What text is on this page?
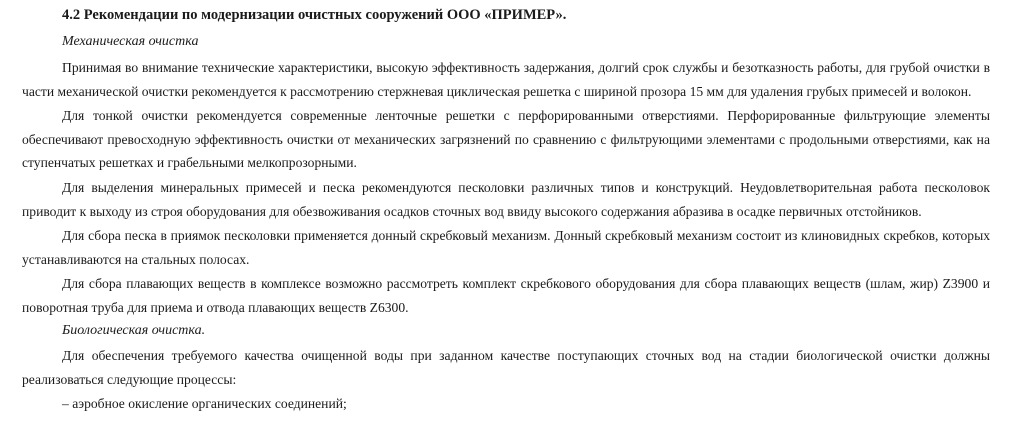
4.2 Рекомендации по модернизации очистных сооружений ООО «ПРИМЕР».
Механическая очистка

Принимая во внимание технические характеристики, высокую эффективность задержания, долгий срок службы и безотказность работы, для грубой очистки в части механической очистки рекомендуется к рассмотрению стержневая циклическая решетка с шириной прозора 15 мм для удаления грубых примесей и волокон.

Для тонкой очистки рекомендуется современные ленточные решетки с перфорированными отверстиями. Перфорированные фильтрующие элементы обеспечивают превосходную эффективность очистки от механических загрязнений по сравнению с фильтрующими элементами с продольными отверстиями, как на ступенчатых решетках и грабельными мелкопрозорными.

Для выделения минеральных примесей и песка рекомендуются песколовки различных типов и конструкций. Неудовлетворительная работа песколовок приводит к выходу из строя оборудования для обезвоживания осадков сточных вод ввиду высокого содержания абразива в осадке первичных отстойников.

Для сбора песка в приямок песколовки применяется донный скребковый механизм. Донный скребковый механизм состоит из клиновидных скребков, которых устанавливаются на стальных полосах.

Для сбора плавающих веществ в комплексе возможно рассмотреть комплект скребкового оборудования для сбора плавающих веществ (шлам, жир) Z3900 и поворотная труба для приема и отвода плавающих веществ Z6300.

Биологическая очистка.

Для обеспечения требуемого качества очищенной воды при заданном качестве поступающих сточных вод на стадии биологической очистки должны реализоваться следующие процессы:

– аэробное окисление органических соединений;
